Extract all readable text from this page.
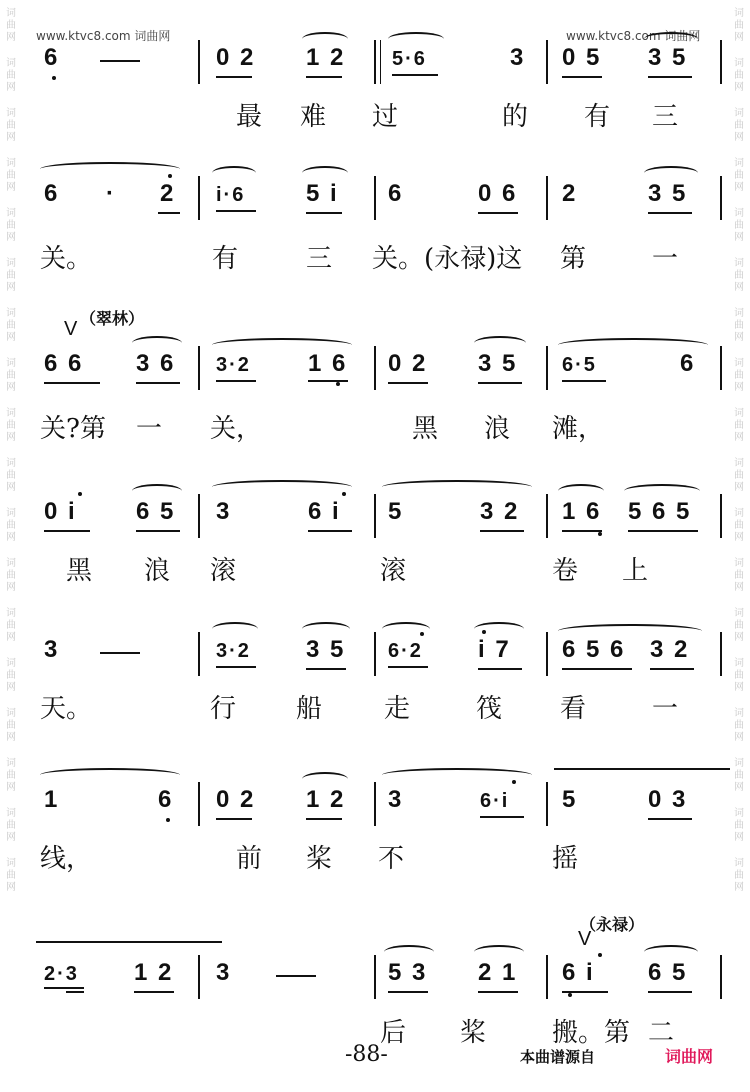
词
曲
网
词
曲
网
词
曲
网
词
曲
网
词
曲
网
词
曲
网
词
曲
网
词
曲
网
词
曲
网
词
曲
网
词
曲
网
词
曲
网
词
曲
网
词
曲
网
词
曲
网
词
曲
网
词
曲
网
词
曲
网
词
曲
网
词
曲
网
词
曲
网
词
曲
网
词
曲
网
词
曲
网
词
曲
网
词
曲
网
词
曲
网
词
曲
网
词
曲
网
词
曲
网
词
曲
网
词
曲
网
词
曲
网
词
曲
网
词
曲
网
词
曲
网
www.ktvc8.com 词曲网	www.ktvc8.com 词曲网
6	0 2 1 2 5·6	3 0 5 3 5
最 难 过	的 有 三
6 · 2 i·6	5 i 6	0 6 2	3 5
关。	有	三 关。(永禄)这 第	一
（翠林）
V
6 6 3 6 3·2 1 6 0 2 3 5 6·5	6
关?第 一 关，	黑 浪 滩，
0 i 6 5 3	6 i 5	3 2 1 6 5 6 5
黑 浪 滚	滚	卷 上
3	3·2 3 5 6·2 i 7 6 5 6 3 2
天。	行 船 走	筏 看	一
1	6 0 2 1 2 3	6·i 5	0 3
线，	前 桨 不	摇
（永禄）
V
2·3 1 2 3	5 3 2 1 6 i 6 5
后 桨	搬。第 二
-88-	本曲谱源自	词曲网
